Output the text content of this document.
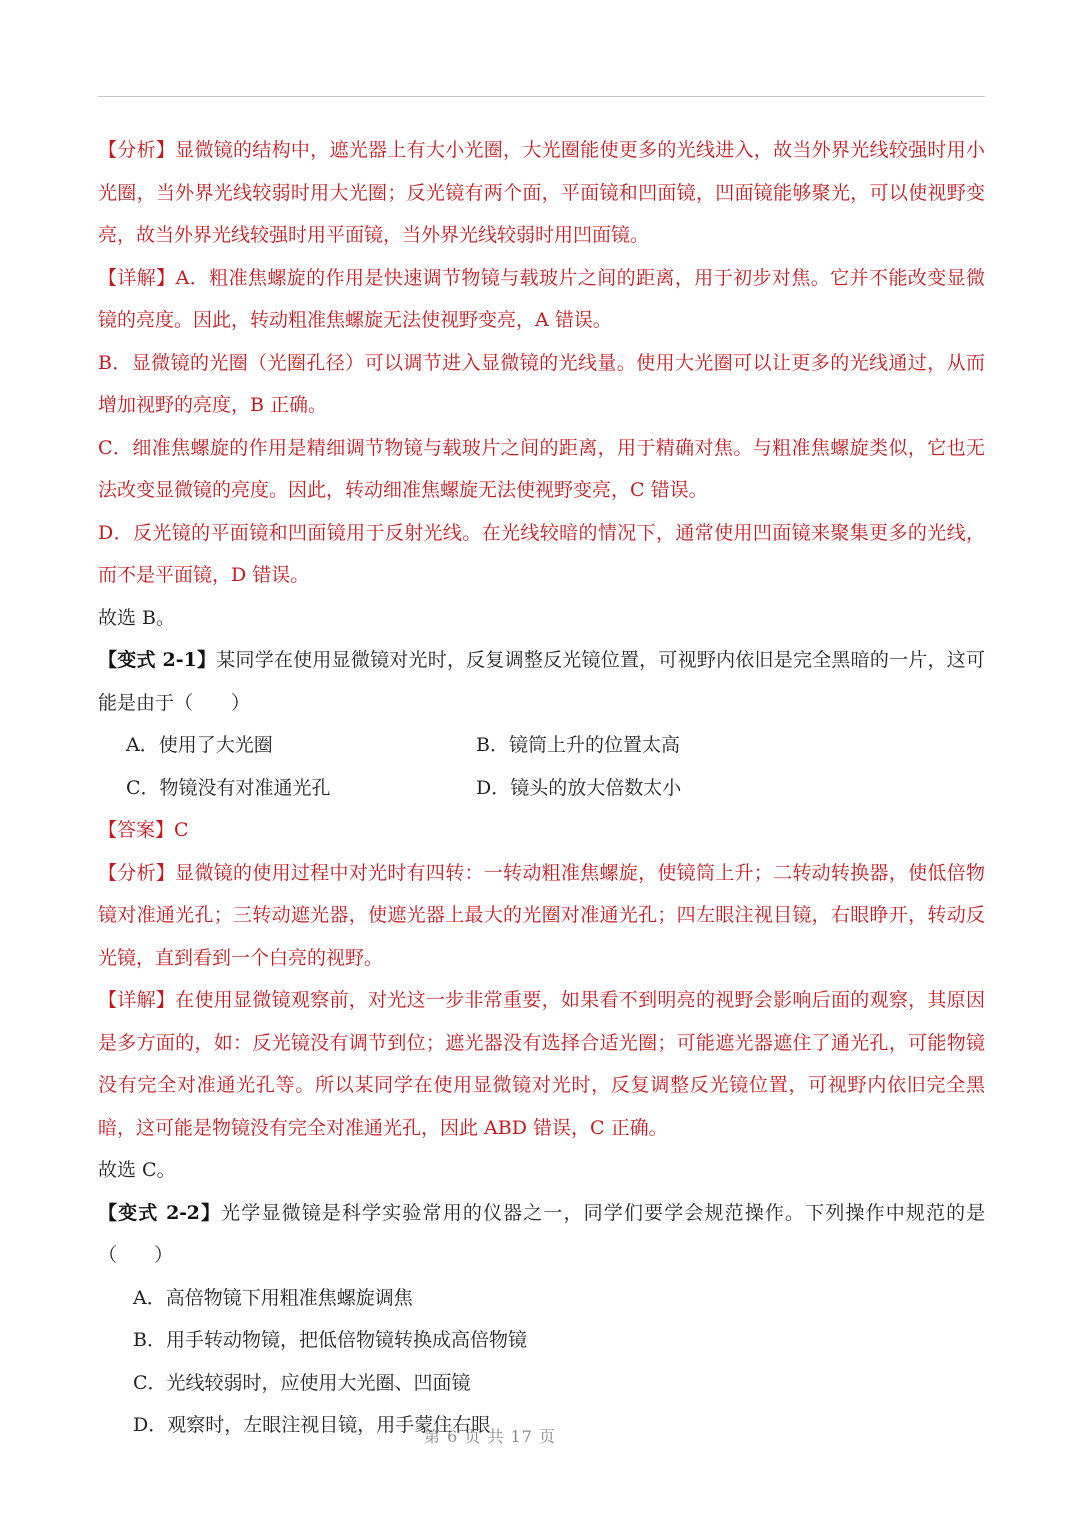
【分析】显微镜的结构中，遮光器上有大小光圈，大光圈能使更多的光线进入，故当外界光线较强时用小光圈，当外界光线较弱时用大光圈；反光镜有两个面，平面镜和凹面镜，凹面镜能够聚光，可以使视野变亮，故当外界光线较强时用平面镜，当外界光线较弱时用凹面镜。

【详解】A．粗准焦螺旋的作用是快速调节物镜与载玻片之间的距离，用于初步对焦。它并不能改变显微镜的亮度。因此，转动粗准焦螺旋无法使视野变亮，A 错误。

B．显微镜的光圈（光圈孔径）可以调节进入显微镜的光线量。使用大光圈可以让更多的光线通过，从而增加视野的亮度，B 正确。

C．细准焦螺旋的作用是精细调节物镜与载玻片之间的距离，用于精确对焦。与粗准焦螺旋类似，它也无法改变显微镜的亮度。因此，转动细准焦螺旋无法使视野变亮，C 错误。

D．反光镜的平面镜和凹面镜用于反射光线。在光线较暗的情况下，通常使用凹面镜来聚集更多的光线，而不是平面镜，D 错误。

故选 B。

【变式 2-1】某同学在使用显微镜对光时，反复调整反光镜位置，可视野内依旧是完全黑暗的一片，这可能是由于（　　）

A．使用了大光圈	B．镜筒上升的位置太高
C．物镜没有对准通光孔	D．镜头的放大倍数太小

【答案】C

【分析】显微镜的使用过程中对光时有四转：一转动粗准焦螺旋，使镜筒上升；二转动转换器，使低倍物镜对准通光孔；三转动遮光器，使遮光器上最大的光圈对准通光孔；四左眼注视目镜，右眼睁开，转动反光镜，直到看到一个白亮的视野。

【详解】在使用显微镜观察前，对光这一步非常重要，如果看不到明亮的视野会影响后面的观察，其原因是多方面的，如：反光镜没有调节到位；遮光器没有选择合适光圈；可能遮光器遮住了通光孔，可能物镜没有完全对准通光孔等。所以某同学在使用显微镜对光时，反复调整反光镜位置，可视野内依旧完全黑暗，这可能是物镜没有完全对准通光孔，因此 ABD 错误，C 正确。

故选 C。

【变式 2-2】光学显微镜是科学实验常用的仪器之一，同学们要学会规范操作。下列操作中规范的是（　　）

A．高倍物镜下用粗准焦螺旋调焦
B．用手转动物镜，把低倍物镜转换成高倍物镜
C．光线较弱时，应使用大光圈、凹面镜
D．观察时，左眼注视目镜，用手蒙住右眼
第 6 页 共 17 页
